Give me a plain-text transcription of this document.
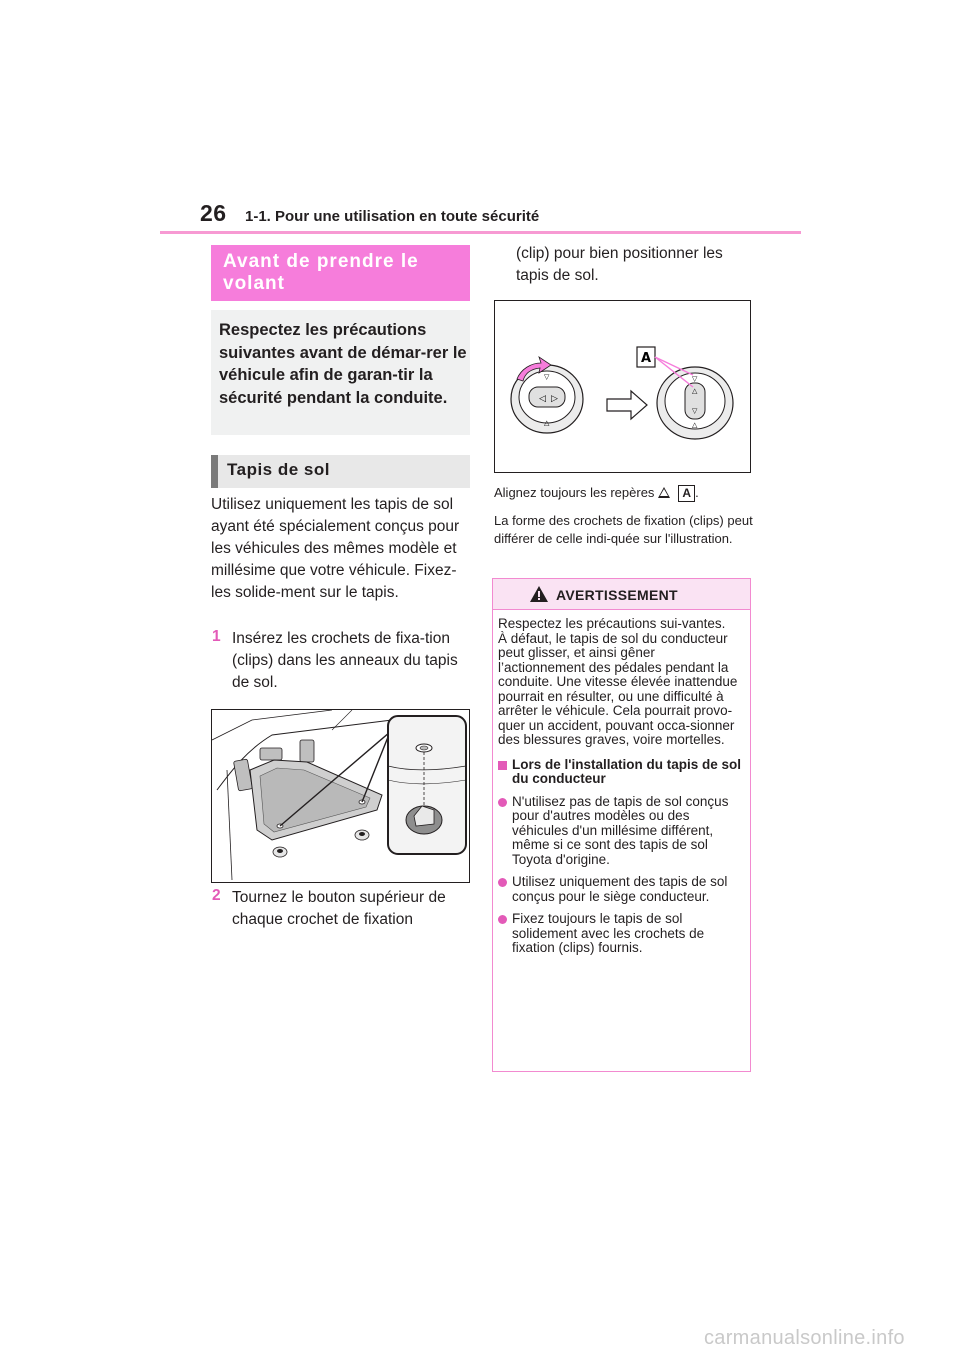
26 1-1. Pour une utilisation en toute sécurité
Avant de prendre le volant
Respectez les précautions suivantes avant de démar-rer le véhicule afin de garan-tir la sécurité pendant la conduite.
Tapis de sol
Utilisez uniquement les tapis de sol ayant été spécialement conçus pour les véhicules des mêmes modèle et millésime que votre véhicule. Fixez-les solide-ment sur le tapis.
1 Insérez les crochets de fixa-tion (clips) dans les anneaux du tapis de sol.
2 Tournez le bouton supérieur de chaque crochet de fixation
(clip) pour bien positionner les tapis de sol.
◁ ▷
▽
△
▽
△
▽
△
A
Alignez toujours les repères A .
La forme des crochets de fixation (clips) peut différer de celle indi-quée sur l'illustration.
AVERTISSEMENT

Respectez les précautions sui-vantes.

À défaut, le tapis de sol du conducteur peut glisser, et ainsi gêner l’actionnement des pédales pendant la conduite. Une vitesse élevée inattendue pourrait en résulter, ou une difficulté à arrêter le véhicule. Cela pourrait provo-quer un accident, pouvant occa-sionner des blessures graves, voire mortelles.

Lors de l'installation du tapis de sol du conducteur

N'utilisez pas de tapis de sol conçus pour d'autres modèles ou des véhicules d'un millésime différent, même si ce sont des tapis de sol Toyota d'origine.

Utilisez uniquement des tapis de sol conçus pour le siège conducteur.

Fixez toujours le tapis de sol solidement avec les crochets de fixation (clips) fournis.

carmanualsonline.info
